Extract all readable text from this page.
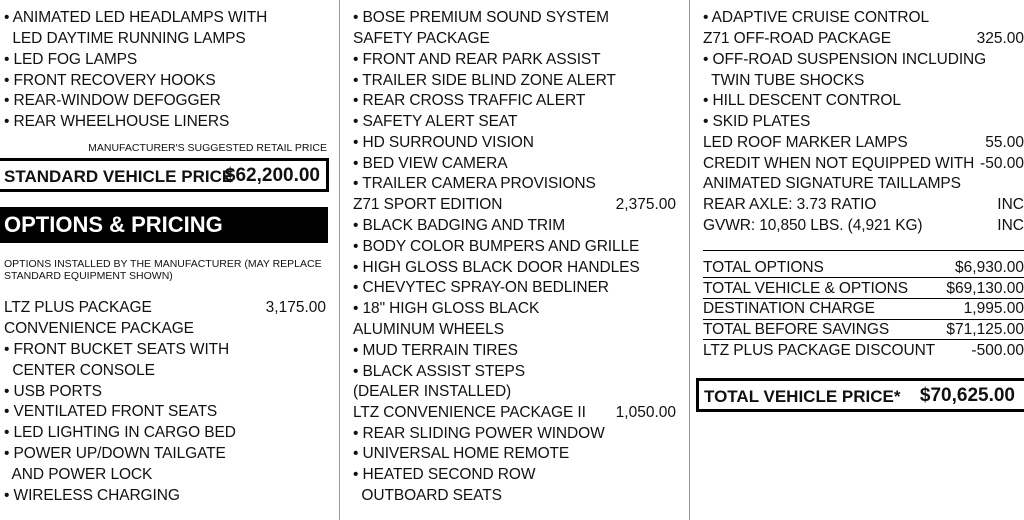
• ANIMATED LED HEADLAMPS WITH
LED DAYTIME RUNNING LAMPS
• LED FOG LAMPS
• FRONT RECOVERY HOOKS
• REAR-WINDOW DEFOGGER
• REAR WHEELHOUSE LINERS
MANUFACTURER'S SUGGESTED RETAIL PRICE
STANDARD VEHICLE PRICE
$62,200.00
OPTIONS & PRICING
OPTIONS INSTALLED BY THE MANUFACTURER (MAY REPLACE
STANDARD EQUIPMENT SHOWN)
LTZ PLUS PACKAGE	3,175.00
CONVENIENCE PACKAGE
• FRONT BUCKET SEATS WITH
CENTER CONSOLE
• USB PORTS
• VENTILATED FRONT SEATS
• LED LIGHTING IN CARGO BED
• POWER UP/DOWN TAILGATE
AND POWER LOCK
• WIRELESS CHARGING
• BOSE PREMIUM SOUND SYSTEM
SAFETY PACKAGE
• FRONT AND REAR PARK ASSIST
• TRAILER SIDE BLIND ZONE ALERT
• REAR CROSS TRAFFIC ALERT
• SAFETY ALERT SEAT
• HD SURROUND VISION
• BED VIEW CAMERA
• TRAILER CAMERA PROVISIONS
Z71 SPORT EDITION	2,375.00
• BLACK BADGING AND TRIM
• BODY COLOR BUMPERS AND GRILLE
• HIGH GLOSS BLACK DOOR HANDLES
• CHEVYTEC SPRAY-ON BEDLINER
• 18" HIGH GLOSS BLACK
ALUMINUM WHEELS
• MUD TERRAIN TIRES
• BLACK ASSIST STEPS
(DEALER INSTALLED)
LTZ CONVENIENCE PACKAGE II 1,050.00
• REAR SLIDING POWER WINDOW
• UNIVERSAL HOME REMOTE
• HEATED SECOND ROW
OUTBOARD SEATS
• ADAPTIVE CRUISE CONTROL
Z71 OFF-ROAD PACKAGE	325.00
• OFF-ROAD SUSPENSION INCLUDING
TWIN TUBE SHOCKS
• HILL DESCENT CONTROL
• SKID PLATES
LED ROOF MARKER LAMPS	55.00
CREDIT WHEN NOT EQUIPPED WITH -50.00
ANIMATED SIGNATURE TAILLAMPS
REAR AXLE: 3.73 RATIO	INC
GVWR: 10,850 LBS. (4,921 KG)	INC
TOTAL OPTIONS	$6,930.00
TOTAL VEHICLE & OPTIONS $69,130.00
DESTINATION CHARGE	1,995.00
TOTAL BEFORE SAVINGS	$71,125.00
LTZ PLUS PACKAGE DISCOUNT -500.00
TOTAL VEHICLE PRICE* $70,625.00
